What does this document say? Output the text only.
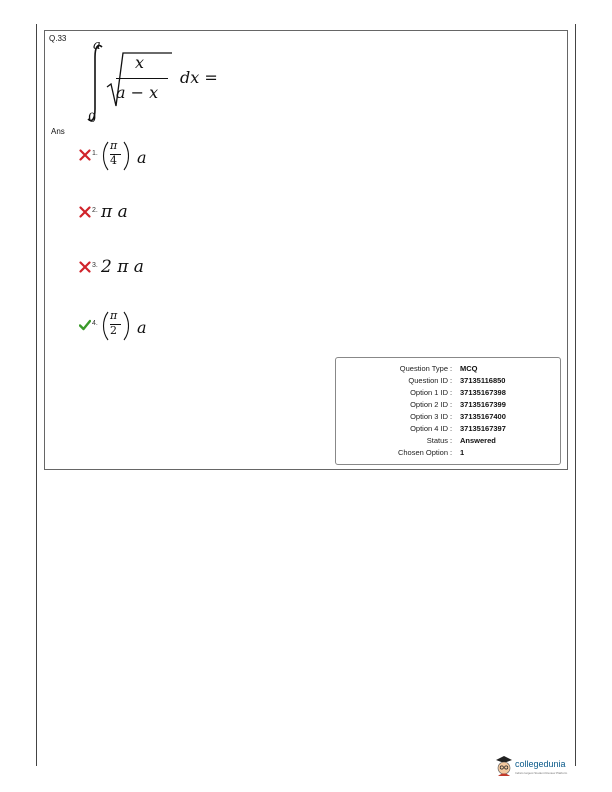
Q.33 a
0
x
a − x
dx =
Ans
1.
π
4 a
2. π a
3. 2 π a
4.
π
2 a
Question Type : MCQ
Question ID : 37135116850
Option 1 ID : 37135167398
Option 2 ID : 37135167399
Option 3 ID : 37135167400
Option 4 ID : 37135167397
Status : Answered
Chosen Option : 1
collegedunia
India's largest Student Review Platform
